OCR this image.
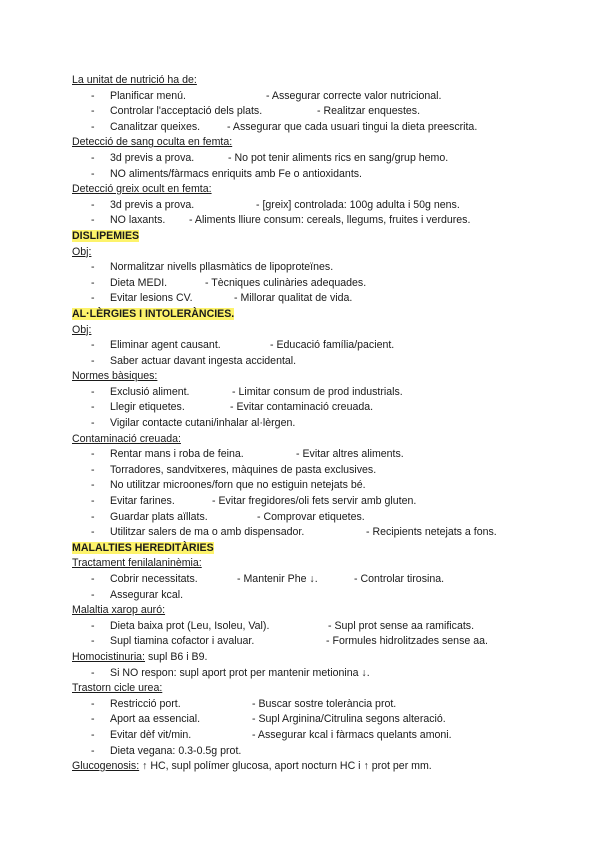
La unitat de nutrició ha de:
- Planificar menú.	- Assegurar correcte valor nutricional.
- Controlar l'acceptació dels plats.	- Realitzar enquestes.
- Canalitzar queixes.	- Assegurar que cada usuari tingui la dieta preescrita.
Detecció de sang oculta en femta:
- 3d previs a prova.	- No pot tenir aliments rics en sang/grup hemo.
- NO aliments/fàrmacs enriquits amb Fe o antioxidants.
Detecció greix ocult en femta:
- 3d previs a prova.	- [greix] controlada: 100g adulta i 50g nens.
- NO laxants. - Aliments lliure consum: cereals, llegums, fruites i verdures.
DISLIPEMIES
Obj:
- Normalitzar nivells pllasmàtics de lipoproteïnes.
- Dieta MEDI.	- Tècniques culinàries adequades.
- Evitar lesions CV.	- Millorar qualitat de vida.
AL·LÈRGIES I INTOLERÀNCIES.
Obj:
- Eliminar agent causant.	- Educació família/pacient.
- Saber actuar davant ingesta accidental.
Normes bàsiques:
- Exclusió aliment.	- Limitar consum de prod industrials.
- Llegir etiquetes.	- Evitar contaminació creuada.
- Vigilar contacte cutani/inhalar al·lèrgen.
Contaminació creuada:
- Rentar mans i roba de feina.	- Evitar altres aliments.
- Torradores, sandvitxeres, màquines de pasta exclusives.
- No utilitzar microones/forn que no estiguin netejats bé.
- Evitar farines.	- Evitar fregidores/oli fets servir amb gluten.
- Guardar plats aïllats.	- Comprovar etiquetes.
- Utilitzar salers de ma o amb dispensador.	- Recipients netejats a fons.
MALALTIES HEREDITÀRIES
Tractament fenilalaninèmia:
- Cobrir necessitats.	- Mantenir Phe ↓.	- Controlar tirosina.
- Assegurar kcal.
Malaltia xarop auró:
- Dieta baixa prot (Leu, Isoleu, Val).	- Supl prot sense aa ramificats.
- Supl tiamina cofactor i avaluar.	- Formules hidrolitzades sense aa.
Homocistinuria: supl B6 i B9.
- Si NO respon: supl aport prot per mantenir metionina ↓.
Trastorn cicle urea:
- Restricció port.	- Buscar sostre tolerància prot.
- Aport aa essencial.	- Supl Arginina/Citrulina segons alteració.
- Evitar dèf vit/min.	- Assegurar kcal i fàrmacs quelants amoni.
- Dieta vegana: 0.3-0.5g prot.
Glucogenosis: ↑ HC, supl polímer glucosa, aport nocturn HC i ↑ prot per mm.
